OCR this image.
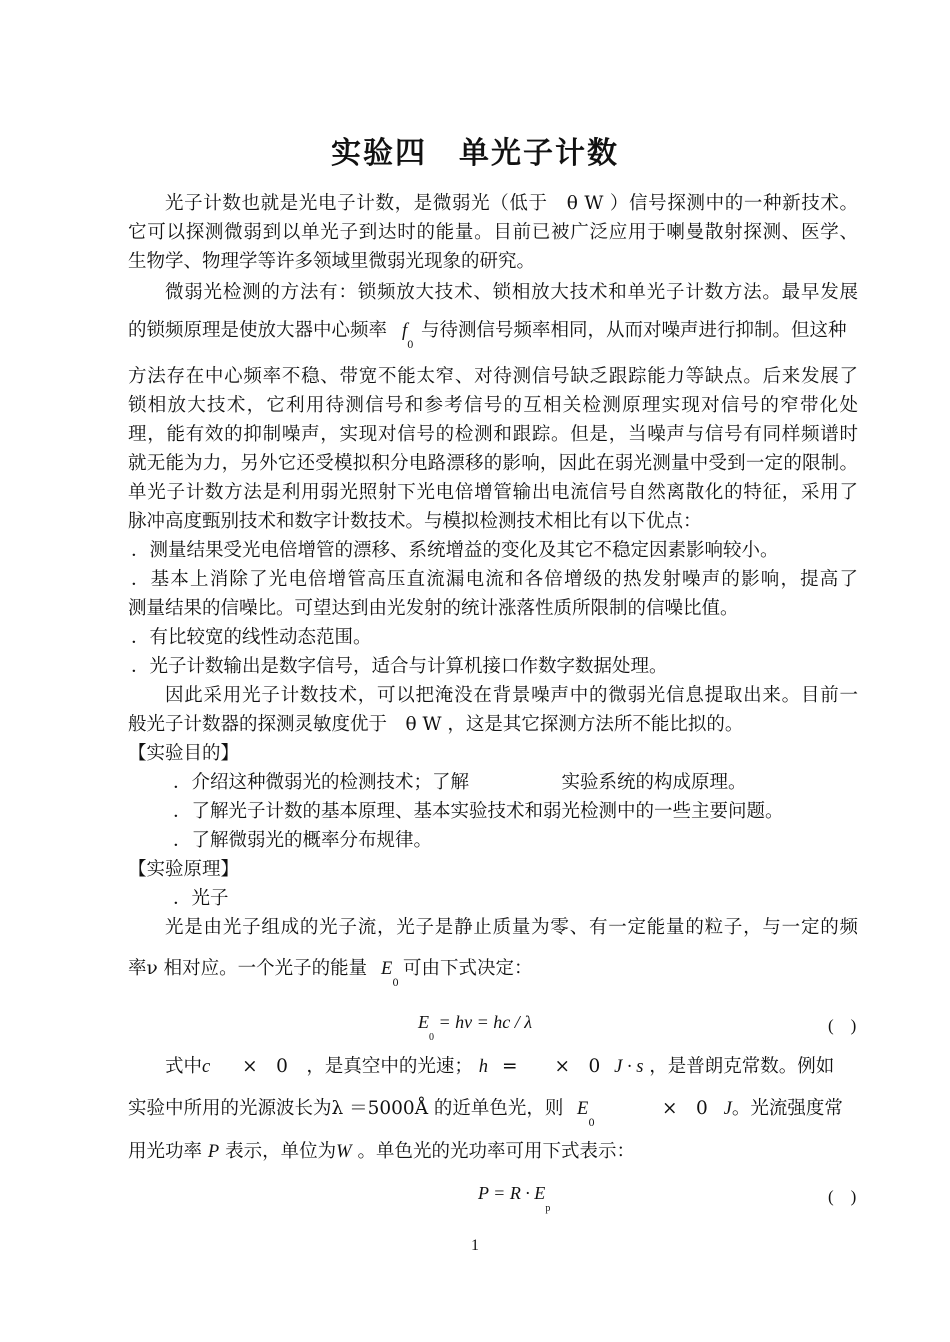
实验四　单光子计数
光子计数也就是光电子计数，是微弱光（低于　θ W ）信号探测中的一种新技术。
它可以探测微弱到以单光子到达时的能量。目前已被广泛应用于喇曼散射探测、医学、
生物学、物理学等许多领域里微弱光现象的研究。
微弱光检测的方法有：锁频放大技术、锁相放大技术和单光子计数方法。最早发展
的锁频原理是使放大器中心频率 $f_0$
与待测信号频率相同，从而对噪声进行抑制。但这种
方法存在中心频率不稳、带宽不能太窄、对待测信号缺乏跟踪能力等缺点。后来发展了
锁相放大技术，它利用待测信号和参考信号的互相关检测原理实现对信号的窄带化处
理，能有效的抑制噪声，实现对信号的检测和跟踪。但是，当噪声与信号有同样频谱时
就无能为力，另外它还受模拟积分电路漂移的影响，因此在弱光测量中受到一定的限制。
单光子计数方法是利用弱光照射下光电倍增管输出电流信号自然离散化的特征，采用了
脉冲高度甄别技术和数字计数技术。与模拟检测技术相比有以下优点：
．测量结果受光电倍增管的漂移、系统增益的变化及其它不稳定因素影响较小。
．基本上消除了光电倍增管高压直流漏电流和各倍增级的热发射噪声的影响，提高了
测量结果的信噪比。可望达到由光发射的统计涨落性质所限制的信噪比值。
．有比较宽的线性动态范围。
．光子计数输出是数字信号，适合与计算机接口作数字数据处理。
因此采用光子计数技术，可以把淹没在背景噪声中的微弱光信息提取出来。目前一
般光子计数器的探测灵敏度优于　θ W ，这是其它探测方法所不能比拟的。
【实验目的】
．介绍这种微弱光的检测技术；了解　　　　　实验系统的构成原理。
．了解光子计数的基本原理、基本实验技术和弱光检测中的一些主要问题。
．了解微弱光的概率分布规律。
【实验原理】
．光子
光是由光子组成的光子流，光子是静止质量为零、有一定能量的粒子，与一定的频
率ν 相对应。一个光子的能量 $E_0$
可由下式决定：
$E_0 = h\nu$ = hc / λ	(　)
式中c ×　0　，是真空中的光速； h =　　×　0 J · s ，是普朗克常数。例如
实验中所用的光源波长为λ ＝5000Å 的近单色光，则 $E_0$
×　0 J。光流强度常
用光功率 P 表示，单位为W 。单色光的光功率可用下式表示：
$P = R \cdot E_p$
(　)
1
